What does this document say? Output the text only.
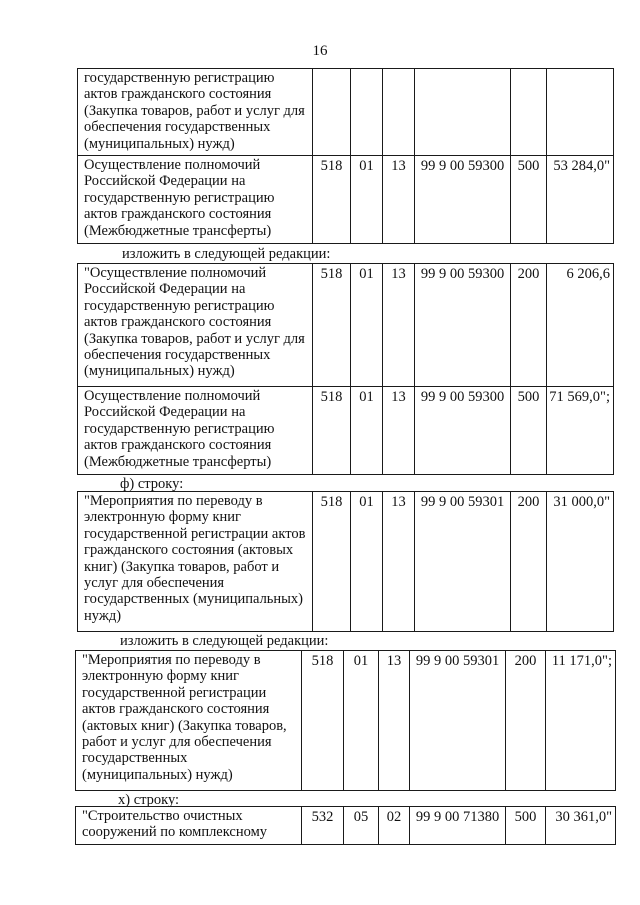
16
государственную регистрацию актов гражданского состояния (Закупка товаров, работ и услуг для обеспечения государственных (муниципальных) нужд)						
Осуществление полномочий Российской Федерации на государственную регистрацию актов гражданского состояния (Межбюджетные трансферты)	518	01	13	99 9 00 59300	500	53 284,0"
изложить в следующей редакции:
"Осуществление полномочий Российской Федерации на государственную регистрацию актов гражданского состояния (Закупка товаров, работ и услуг для обеспечения государственных (муниципальных) нужд)	518	01	13	99 9 00 59300	200	6 206,6
Осуществление полномочий Российской Федерации на государственную регистрацию актов гражданского состояния (Межбюджетные трансферты)	518	01	13	99 9 00 59300	500	71 569,0";
ф) строку:
"Мероприятия по переводу в электронную форму книг государственной регистрации актов гражданского состояния (актовых книг) (Закупка товаров, работ и услуг для обеспечения государственных (муниципальных) нужд)	518	01	13	99 9 00 59301	200	31 000,0"
изложить в следующей редакции:
"Мероприятия по переводу в электронную форму книг государственной регистрации актов гражданского состояния (актовых книг) (Закупка товаров, работ и услуг для обеспечения государственных (муниципальных) нужд)	518	01	13	99 9 00 59301	200	11 171,0";
х) строку:
"Строительство очистных сооружений по комплексному	532	05	02	99 9 00 71380	500	30 361,0"
